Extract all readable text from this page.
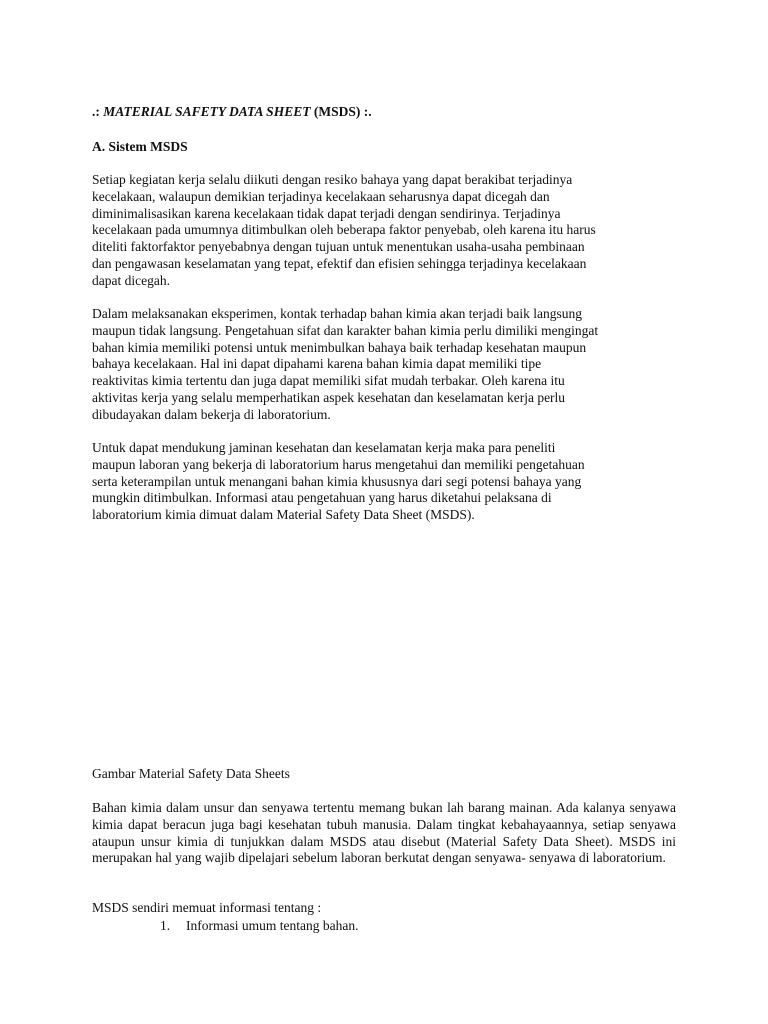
.: MATERIAL SAFETY DATA SHEET (MSDS) :.

A. Sistem MSDS

Setiap kegiatan kerja selalu diikuti dengan resiko bahaya yang dapat berakibat terjadinya
kecelakaan, walaupun demikian terjadinya kecelakaan seharusnya dapat dicegah dan
diminimalisasikan karena kecelakaan tidak dapat terjadi dengan sendirinya. Terjadinya
kecelakaan pada umumnya ditimbulkan oleh beberapa faktor penyebab, oleh karena itu harus
diteliti faktorfaktor penyebabnya dengan tujuan untuk menentukan usaha-usaha pembinaan
dan pengawasan keselamatan yang tepat, efektif dan efisien sehingga terjadinya kecelakaan
dapat dicegah.

Dalam melaksanakan eksperimen, kontak terhadap bahan kimia akan terjadi baik langsung
maupun tidak langsung. Pengetahuan sifat dan karakter bahan kimia perlu dimiliki mengingat
bahan kimia memiliki potensi untuk menimbulkan bahaya baik terhadap kesehatan maupun
bahaya kecelakaan. Hal ini dapat dipahami karena bahan kimia dapat memiliki tipe
reaktivitas kimia tertentu dan juga dapat memiliki sifat mudah terbakar. Oleh karena itu
aktivitas kerja yang selalu memperhatikan aspek kesehatan dan keselamatan kerja perlu
dibudayakan dalam bekerja di laboratorium.

Untuk dapat mendukung jaminan kesehatan dan keselamatan kerja maka para peneliti
maupun laboran yang bekerja di laboratorium harus mengetahui dan memiliki pengetahuan
serta keterampilan untuk menangani bahan kimia khususnya dari segi potensi bahaya yang
mungkin ditimbulkan. Informasi atau pengetahuan yang harus diketahui pelaksana di
laboratorium kimia dimuat dalam Material Safety Data Sheet (MSDS).

Gambar Material Safety Data Sheets

Bahan kimia dalam unsur dan senyawa tertentu memang bukan lah barang mainan. Ada kalanya senyawa kimia dapat beracun juga bagi kesehatan tubuh manusia. Dalam tingkat kebahayaannya, setiap senyawa ataupun unsur kimia di tunjukkan dalam MSDS atau disebut (Material Safety Data Sheet). MSDS ini merupakan hal yang wajib dipelajari sebelum laboran berkutat dengan senyawa- senyawa di laboratorium.

MSDS sendiri memuat informasi tentang :

1. Informasi umum tentang bahan.
